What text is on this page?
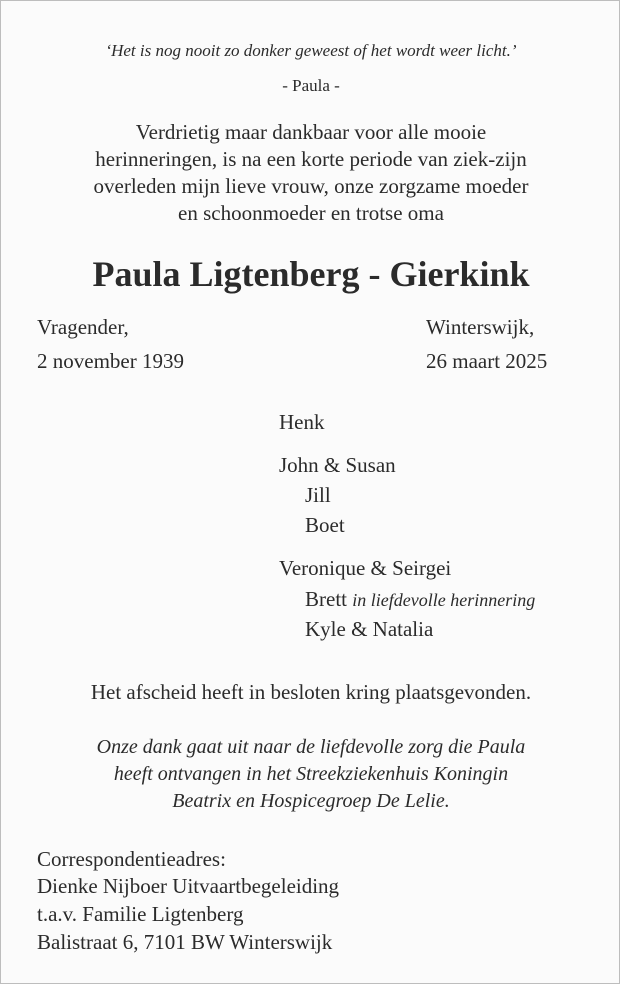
‘Het is nog nooit zo donker geweest of het wordt weer licht.’
- Paula -
Verdrietig maar dankbaar voor alle mooie
herinneringen, is na een korte periode van ziek-zijn
overleden mijn lieve vrouw, onze zorgzame moeder
en schoonmoeder en trotse oma
Paula Ligtenberg - Gierkink
Vragender,
2 november 1939
Winterswijk,
26 maart 2025
Henk
John & Susan
Jill
Boet
Veronique & Seirgei
Brett in liefdevolle herinnering
Kyle & Natalia
Het afscheid heeft in besloten kring plaatsgevonden.
Onze dank gaat uit naar de liefdevolle zorg die Paula
heeft ontvangen in het Streekziekenhuis Koningin
Beatrix en Hospicegroep De Lelie.
Correspondentieadres:
Dienke Nijboer Uitvaartbegeleiding
t.a.v. Familie Ligtenberg
Balistraat 6, 7101 BW Winterswijk
